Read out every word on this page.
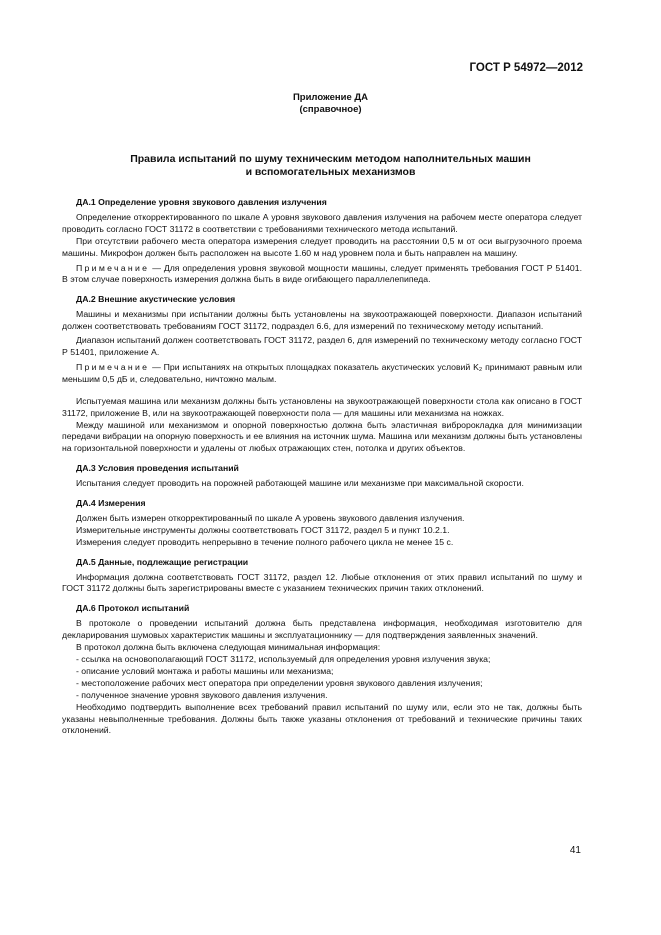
ГОСТ Р 54972—2012
Приложение ДА
(справочное)
Правила испытаний по шуму техническим методом наполнительных машин
и вспомогательных механизмов
ДА.1 Определение уровня звукового давления излучения

Определение откорректированного по шкале А уровня звукового давления излучения на рабочем месте оператора следует проводить согласно ГОСТ 31172 в соответствии с требованиями технического метода испытаний.

При отсутствии рабочего места оператора измерения следует проводить на расстоянии 0,5 м от оси выгрузочного проема машины. Микрофон должен быть расположен на высоте 1.60 м над уровнем пола и быть направлен на машину.

Примечание — Для определения уровня звуковой мощности машины, следует применять требования ГОСТ Р 51401. В этом случае поверхность измерения должна быть в виде огибающего параллелепипеда.

ДА.2 Внешние акустические условия

Машины и механизмы при испытании должны быть установлены на звукоотражающей поверхности. Диапазон испытаний должен соответствовать требованиям ГОСТ 31172, подраздел 6.6, для измерений по техническому методу испытаний.

Диапазон испытаний должен соответствовать ГОСТ 31172, раздел 6, для измерений по техническому методу согласно ГОСТ Р 51401, приложение А.

Примечание — При испытаниях на открытых площадках показатель акустических условий K₂ принимают равным или меньшим 0,5 дБ и, следовательно, ничтожно малым.

Испытуемая машина или механизм должны быть установлены на звукоотражающей поверхности стола как описано в ГОСТ 31172, приложение В, или на звукоотражающей поверхности пола — для машины или механизма на ножках.

Между машиной или механизмом и опорной поверхностью должна быть эластичная вибророкладка для минимизации передачи вибрации на опорную поверхность и ее влияния на источник шума. Машина или механизм должны быть установлены на горизонтальной поверхности и удалены от любых отражающих стен, потолка и других объектов.

ДА.3 Условия проведения испытаний

Испытания следует проводить на порожней работающей машине или механизме при максимальной скорости.

ДА.4 Измерения

Должен быть измерен откорректированный по шкале А уровень звукового давления излучения.

Измерительные инструменты должны соответствовать ГОСТ 31172, раздел 5 и пункт 10.2.1.

Измерения следует проводить непрерывно в течение полного рабочего цикла не менее 15 с.

ДА.5 Данные, подлежащие регистрации

Информация должна соответствовать ГОСТ 31172, раздел 12. Любые отклонения от этих правил испытаний по шуму и ГОСТ 31172 должны быть зарегистрированы вместе с указанием технических причин таких отклонений.

ДА.6 Протокол испытаний

В протоколе о проведении испытаний должна быть представлена информация, необходимая изготовителю для декларирования шумовых характеристик машины и эксплуатационнику — для подтверждения заявленных значений.

В протокол должна быть включена следующая минимальная информация:

- ссылка на основополагающий ГОСТ 31172, используемый для определения уровня излучения звука;
- описание условий монтажа и работы машины или механизма;
- местоположение рабочих мест оператора при определении уровня звукового давления излучения;
- полученное значение уровня звукового давления излучения.

Необходимо подтвердить выполнение всех требований правил испытаний по шуму или, если это не так, должны быть указаны невыполненные требования. Должны быть также указаны отклонения от требований и технические причины таких отклонений.

41
